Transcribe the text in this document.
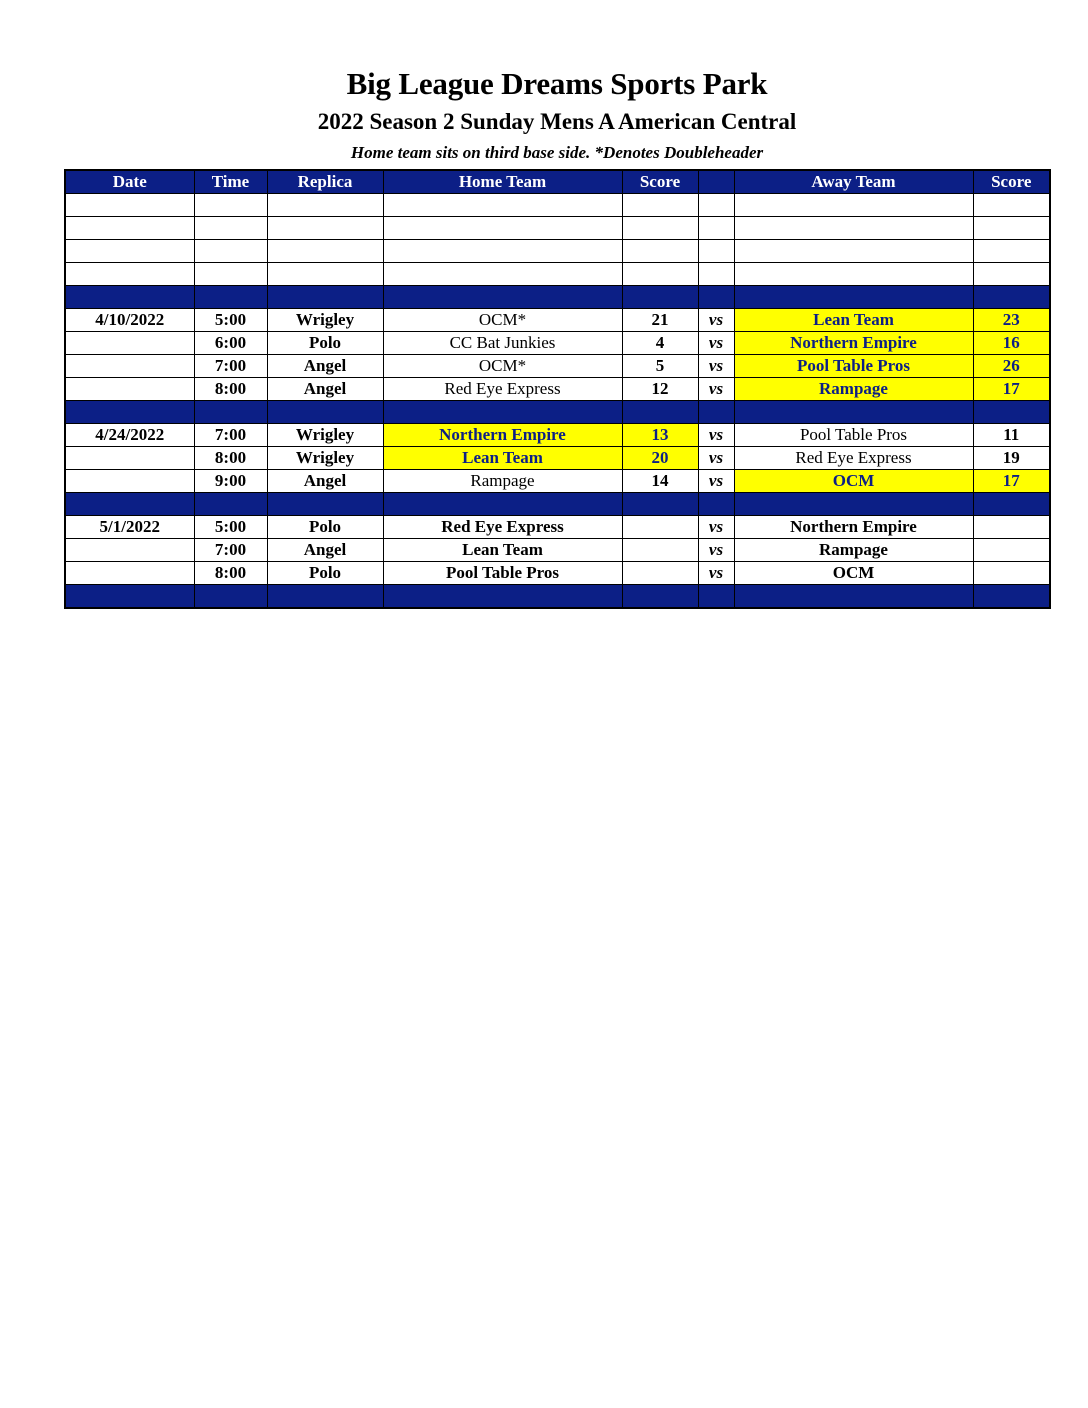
Big League Dreams Sports Park
2022 Season 2 Sunday Mens A American Central
Home team sits on third base side. *Denotes Doubleheader
Date	Time	Replica	Home Team	Score		Away Team	Score

4/10/2022	5:00	Wrigley	OCM*	21	vs	Lean Team	23
	6:00	Polo	CC Bat Junkies	4	vs	Northern Empire	16
	7:00	Angel	OCM*	5	vs	Pool Table Pros	26
	8:00	Angel	Red Eye Express	12	vs	Rampage	17

4/24/2022	7:00	Wrigley	Northern Empire	13	vs	Pool Table Pros	11
	8:00	Wrigley	Lean Team	20	vs	Red Eye Express	19
	9:00	Angel	Rampage	14	vs	OCM	17

5/1/2022	5:00	Polo	Red Eye Express		vs	Northern Empire	
	7:00	Angel	Lean Team		vs	Rampage	
	8:00	Polo	Pool Table Pros		vs	OCM	
